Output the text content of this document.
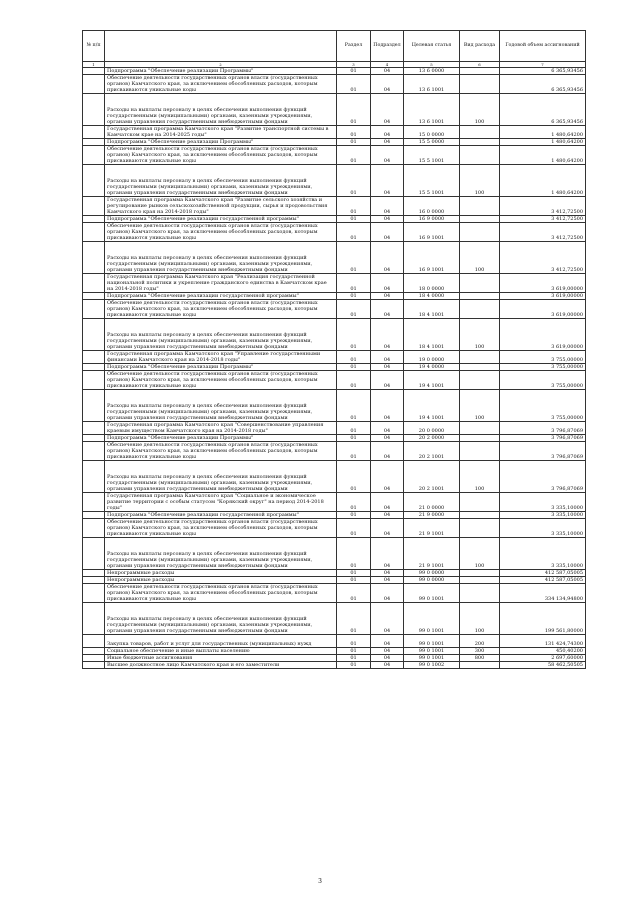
№ п/п		Раздел	Подраздел	Целевая статья	Вид расхода	Годовой объем ассигнований
1	2	3	4	5	6	7
	Подпрограмма "Обеспечение реализации Программы"	01	04	13 6 0000		6 365,93456
	Обеспечение деятельности государственных органов власти (государственных органов) Камчатского края, за исключением обособленных расходов, которым присваиваются уникальные коды	01	04	13 6 1001		6 365,93456
	Расходы на выплаты персоналу в целях обеспечения выполнения функций государственными (муниципальными) органами, казенными учреждениями, органами управления государственными внебюджетными фондами	01	04	13 6 1001	100	6 365,93456
	Государственная программа Камчатского края "Развитие транспортной системы в Камчатском крае на 2014-2025 годы"	01	04	15 0 0000		1 480,64200
	Подпрограмма "Обеспечение реализации Программы"	01	04	15 5 0000		1 480,64200
	Обеспечение деятельности государственных органов власти (государственных органов) Камчатского края, за исключением обособленных расходов, которым присваиваются уникальные коды	01	04	15 5 1001		1 480,64200
	Расходы на выплаты персоналу в целях обеспечения выполнения функций государственными (муниципальными) органами, казенными учреждениями, органами управления государственными внебюджетными фондами	01	04	15 5 1001	100	1 480,64200
	Государственная программа Камчатского края "Развитие сельского хозяйства и регулирование рынков сельскохозяйственной продукции, сырья и продовольствия Камчатского края на 2014-2018 годы"	01	04	16 0 0000		3 412,72500
	Подпрограмма "Обеспечение реализации государственной программы"	01	04	16 9 0000		3 412,72500
	Обеспечение деятельности государственных органов власти (государственных органов) Камчатского края, за исключением обособленных расходов, которым присваиваются уникальные коды	01	04	16 9 1001		3 412,72500
	Расходы на выплаты персоналу в целях обеспечения выполнения функций государственными (муниципальными) органами, казенными учреждениями, органами управления государственными внебюджетными фондами	01	04	16 9 1001	100	3 412,72500
	Государственная программа Камчатского края "Реализация государственной национальной политики и укрепление гражданского единства в Камчатском крае на 2014-2018 годы"	01	04	18 0 0000		3 619,00000
	Подпрограмма "Обеспечение реализации государственной программы"	01	04	18 4 0000		3 619,00000
	Обеспечение деятельности государственных органов власти (государственных органов) Камчатского края, за исключением обособленных расходов, которым присваиваются уникальные коды	01	04	18 4 1001		3 619,00000
	Расходы на выплаты персоналу в целях обеспечения выполнения функций государственными (муниципальными) органами, казенными учреждениями, органами управления государственными внебюджетными фондами	01	04	18 4 1001	100	3 619,00000
	Государственная программа Камчатского края "Управление государственными финансами Камчатского края на 2014-2018 годы"	01	04	19 0 0000		3 755,00000
	Подпрограмма "Обеспечение реализации Программы"	01	04	19 4 0000		3 755,00000
	Обеспечение деятельности государственных органов власти (государственных органов) Камчатского края, за исключением обособленных расходов, которым присваиваются уникальные коды	01	04	19 4 1001		3 755,00000
	Расходы на выплаты персоналу в целях обеспечения выполнения функций государственными (муниципальными) органами, казенными учреждениями, органами управления государственными внебюджетными фондами	01	04	19 4 1001	100	3 755,00000
	Государственная программа Камчатского края "Совершенствование управления краевым имуществом Камчатского края на 2014-2018 годы"	01	04	20 0 0000		3 796,87069
	Подпрограмма "Обеспечение реализации Программы"	01	04	20 2 0000		3 796,87069
	Обеспечение деятельности государственных органов власти (государственных органов) Камчатского края, за исключением обособленных расходов, которым присваиваются уникальные коды	01	04	20 2 1001		3 796,87069
	Расходы на выплаты персоналу в целях обеспечения выполнения функций государственными (муниципальными) органами, казенными учреждениями, органами управления государственными внебюджетными фондами	01	04	20 2 1001	100	3 796,87069
	Государственная программа Камчатского края "Социальное и экономическое развитие территории с особым статусом "Корякский округ" на период 2014-2018 годы"	01	04	21 0 0000		3 335,10000
	Подпрограмма "Обеспечение реализации государственной программы"	01	04	21 9 0000		3 335,10000
	Обеспечение деятельности государственных органов власти (государственных органов) Камчатского края, за исключением обособленных расходов, которым присваиваются уникальные коды	01	04	21 9 1001		3 335,10000
	Расходы на выплаты персоналу в целях обеспечения выполнения функций государственными (муниципальными) органами, казенными учреждениями, органами управления государственными внебюджетными фондами	01	04	21 9 1001	100	3 335,10000
	Непрограммные расходы	01	04	99 0 0000		412 587,05005
	Непрограммные расходы	01	04	99 0 0000		412 587,05005
	Обеспечение деятельности государственных органов власти (государственных органов) Камчатского края, за исключением обособленных расходов, которым присваиваются уникальные коды	01	04	99 0 1001		334 134,94800
	Расходы на выплаты персоналу в целях обеспечения выполнения функций государственными (муниципальными) органами, казенными учреждениями, органами управления государственными внебюджетными фондами	01	04	99 0 1001	100	199 561,80000
	Закупка товаров, работ и услуг для государственных (муниципальных) нужд	01	04	99 0 1001	200	131 424,74300
	Социальное обеспечение и иные выплаты населению	01	04	99 0 1001	300	450,40200
	Иные бюджетные ассигнования	01	04	99 0 1001	800	2 697,60000
	Высшее должностное лицо Камчатского края и его заместители	01	04	99 0 1002		58 462,50505
3
